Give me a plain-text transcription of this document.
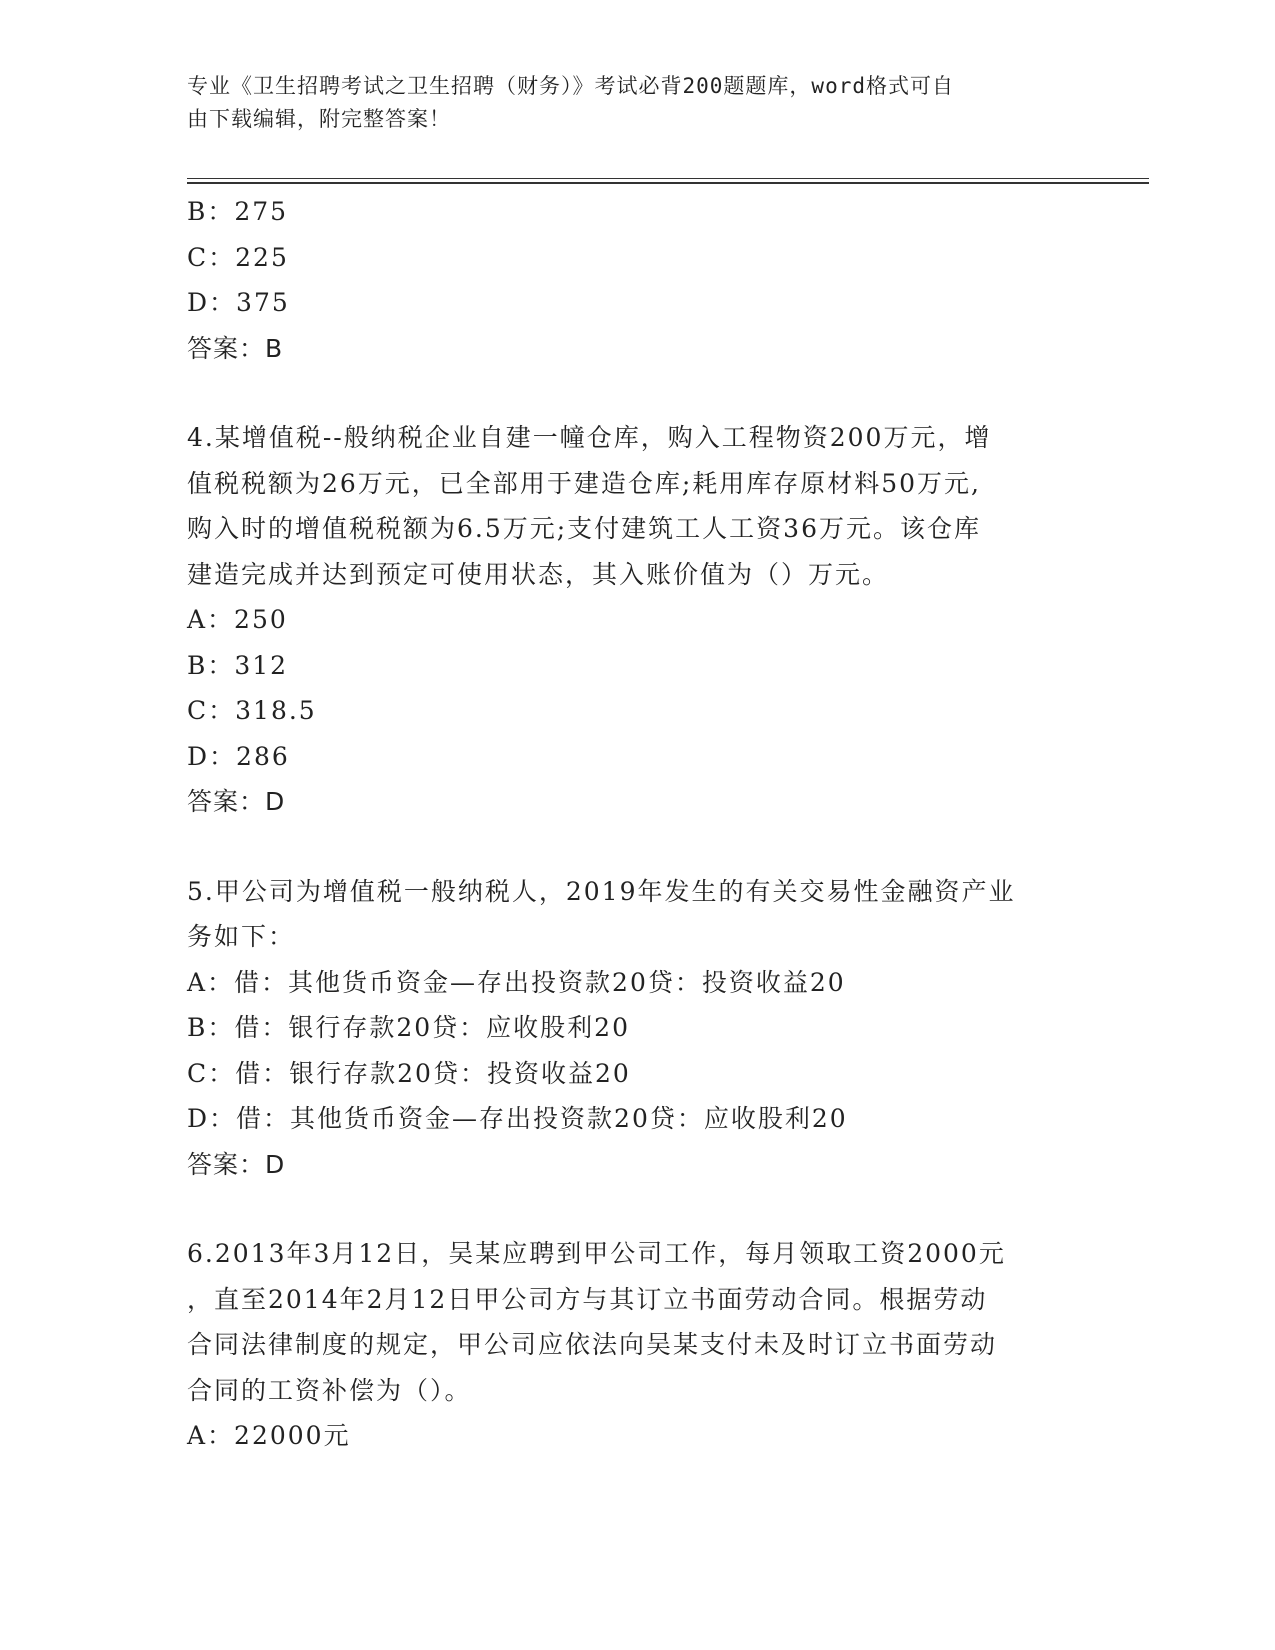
专业《卫生招聘考试之卫生招聘（财务）》考试必背200题题库，word格式可自
由下载编辑，附完整答案！
B：275
C：225
D：375
答案：B
4.某增值税--般纳税企业自建一幢仓库，购入工程物资200万元，增
值税税额为26万元，已全部用于建造仓库;耗用库存原材料50万元,
购入时的增值税税额为6.5万元;支付建筑工人工资36万元。该仓库
建造完成并达到预定可使用状态，其入账价值为（）万元。
A：250
B：312
C：318.5
D：286
答案：D
5.甲公司为增值税一般纳税人，2019年发生的有关交易性金融资产业
务如下：
A：借：其他货币资金—存出投资款20贷：投资收益20
B：借：银行存款20贷：应收股利20
C：借：银行存款20贷：投资收益20
D：借：其他货币资金—存出投资款20贷：应收股利20
答案：D
6.2013年3月12日，吴某应聘到甲公司工作，每月领取工资2000元
，直至2014年2月12日甲公司方与其订立书面劳动合同。根据劳动
合同法律制度的规定，甲公司应依法向吴某支付未及时订立书面劳动
合同的工资补偿为（）。
A：22000元
